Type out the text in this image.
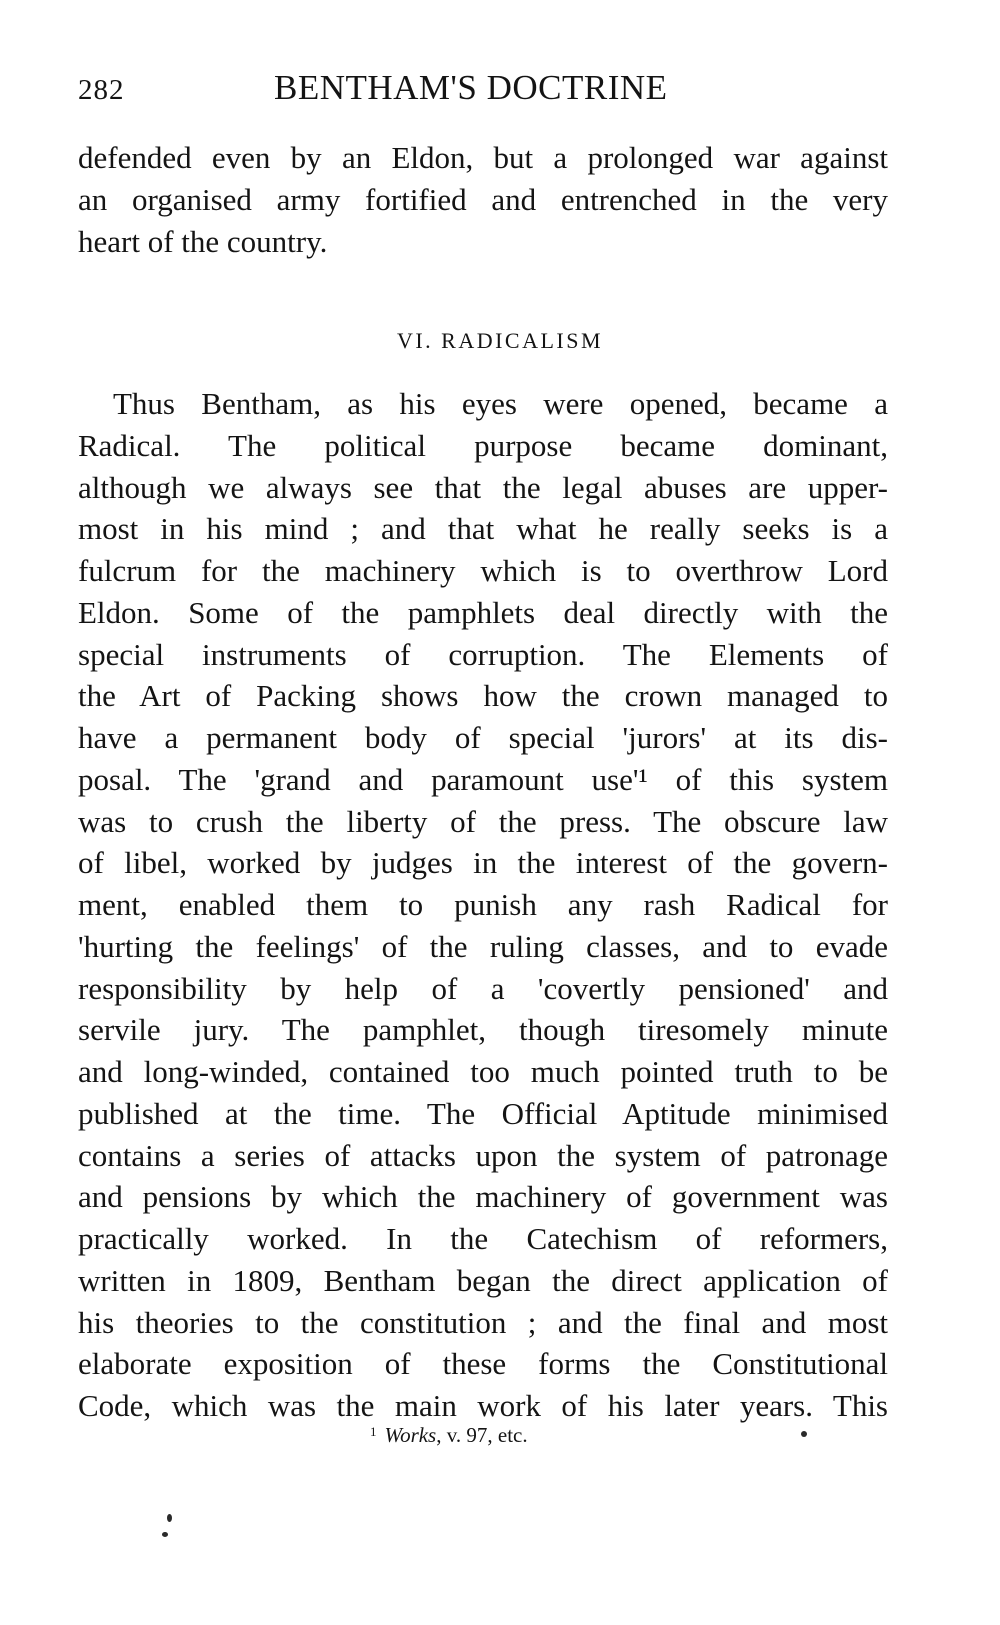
282	BENTHAM'S DOCTRINE
defended even by an Eldon, but a prolonged war against
an organised army fortified and entrenched in the very
heart of the country.
VI. RADICALISM
Thus Bentham, as his eyes were opened, became a
Radical. The political purpose became dominant,
although we always see that the legal abuses are upper-
most in his mind ; and that what he really seeks is a
fulcrum for the machinery which is to overthrow Lord
Eldon. Some of the pamphlets deal directly with the
special instruments of corruption. The Elements of
the Art of Packing shows how the crown managed to
have a permanent body of special 'jurors' at its dis-
posal. The 'grand and paramount use'¹ of this system
was to crush the liberty of the press. The obscure law
of libel, worked by judges in the interest of the govern-
ment, enabled them to punish any rash Radical for
'hurting the feelings' of the ruling classes, and to evade
responsibility by help of a 'covertly pensioned' and
servile jury. The pamphlet, though tiresomely minute
and long-winded, contained too much pointed truth to be
published at the time. The Official Aptitude minimised
contains a series of attacks upon the system of patronage
and pensions by which the machinery of government was
practically worked. In the Catechism of reformers,
written in 1809, Bentham began the direct application of
his theories to the constitution ; and the final and most
elaborate exposition of these forms the Constitutional
Code, which was the main work of his later years. This
$^1$ Works, v. 97, etc.
